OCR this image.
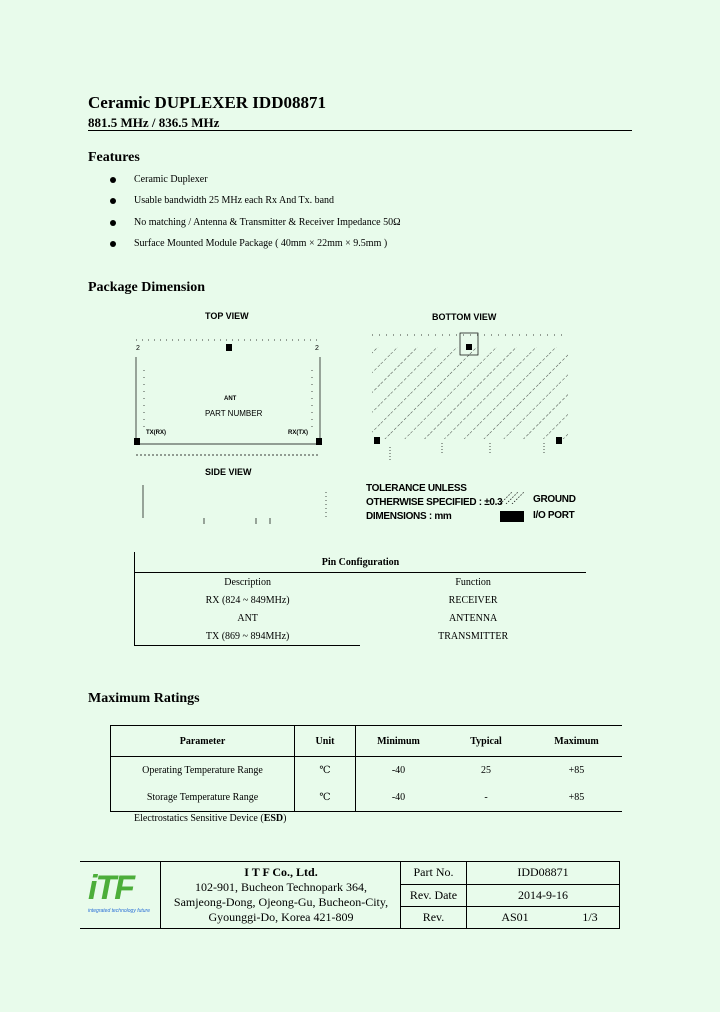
Ceramic DUPLEXER IDD08871
881.5 MHz / 836.5 MHz
Features
Ceramic Duplexer
Usable bandwidth 25 MHz each Rx And Tx. band
No matching / Antenna & Transmitter & Receiver Impedance 50Ω
Surface Mounted Module Package ( 40mm × 22mm × 9.5mm )
Package Dimension
TOP VIEW	BOTTOM VIEW
2	2
ANT
PART NUMBER
TX(RX)	RX(TX)
SIDE VIEW
TOLERANCE UNLESS
OTHERWISE SPECIFIED : ±0.3
DIMENSIONS : mm
GROUND
I/O PORT
Pin Configuration	
Description	Function
RX (824 ~ 849MHz)	RECEIVER
ANT	ANTENNA
TX (869 ~ 894MHz)	TRANSMITTER
Maximum Ratings
Parameter	Unit	Minimum	Typical	Maximum
Operating Temperature Range	℃	-40	25	+85
Storage Temperature Range	℃	-40	-	+85
Electrostatics Sensitive Device (ESD)
iTF
integrated technology future
I T F Co., Ltd.
102-901, Bucheon Technopark 364,
Samjeong-Dong, Ojeong-Gu, Bucheon-City,
Gyounggi-Do, Korea 421-809
Part No.	IDD08871
Rev. Date	2014-9-16
Rev.	AS01	1/3
